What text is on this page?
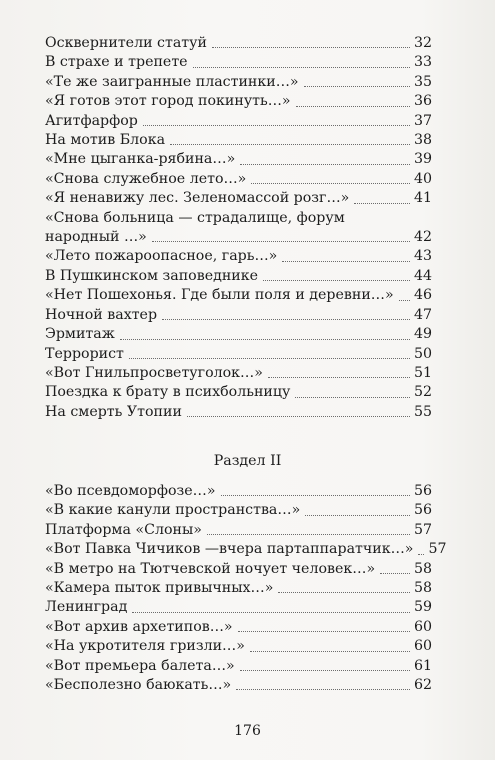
Осквернители статуй	32
В страхе и трепете	33
«Те же заигранные пластинки…»	35
«Я готов этот город покинуть…»	36
Агитфарфор	37
На мотив Блока	38
«Мне цыганка-рябина…»	39
«Снова служебное лето…»	40
«Я ненавижу лес. Зеленомассой розг…»	41
«Снова больница — страдалище, форум
народный …»	42
«Лето пожароопасное, гарь…»	43
В Пушкинском заповеднике	44
«Нет Пошехонья. Где были поля и деревни…» 46
Ночной вахтер	47
Эрмитаж	49
Террорист	50
«Вот Гнильпросветуголок…»	51
Поездка к брату в психбольницу	52
На смерть Утопии	55
Раздел II
«Во псевдоморфозе…»	56
«В какие канули пространства…»	56
Платформа «Слоны»	57
«Вот Павка Чичиков —вчера партаппаратчик…» 57
«В метро на Тютчевской ночует человек…»	58
«Камера пыток привычных…»	58
Ленинград	59
«Вот архив архетипов…»	60
«На укротителя гризли…»	60
«Вот премьера балета…»	61
«Бесполезно баюкать…»	62
176
